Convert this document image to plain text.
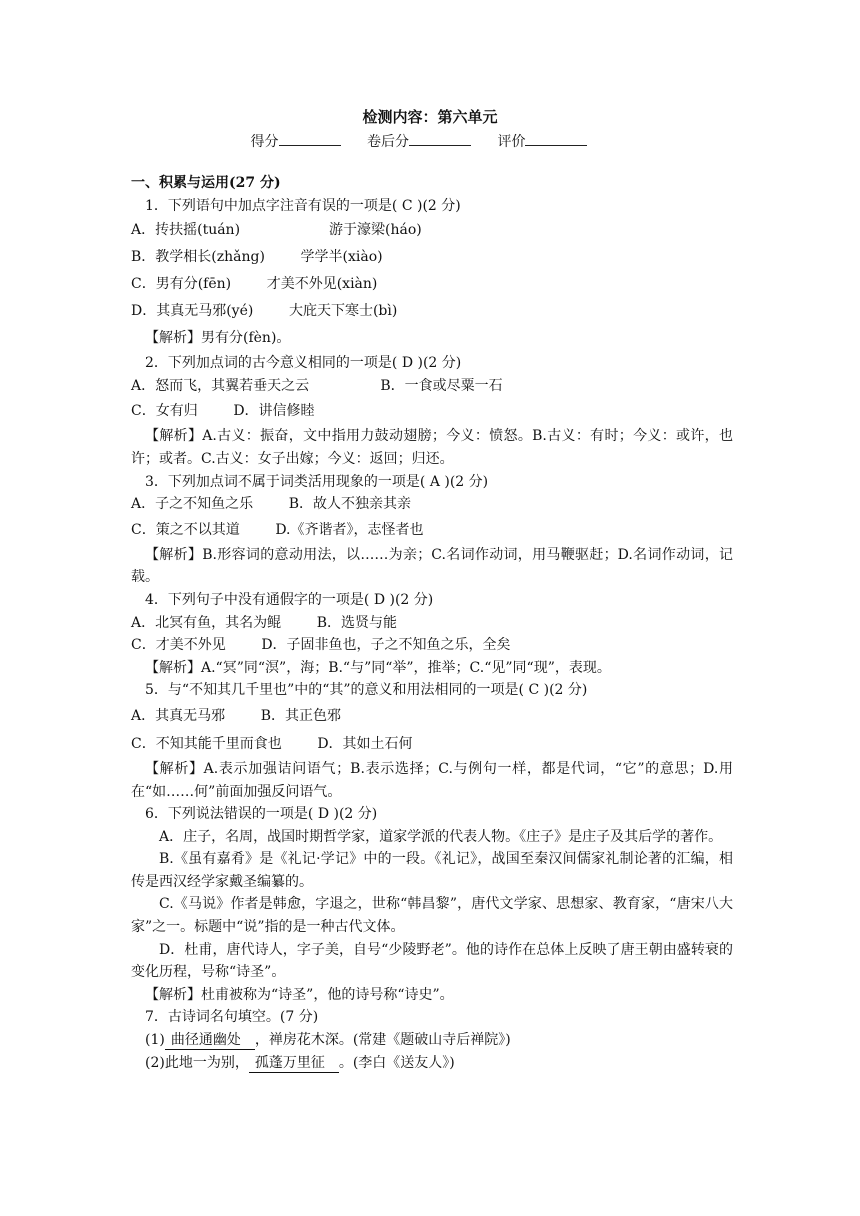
检测内容：第六单元
得分	卷后分	评价

一、积累与运用(27 分)

1．下列语句中加点字注音有误的一项是( C )(2 分)

A．抟扶摇(tuán)                    游于濠梁(háo)

B．教学相长(zhǎng)        学学半(xiào)

C．男有分(fēn)        才美不外见(xiàn)

D．其真无马邪(yé)        大庇天下寒士(bì)

【解析】男有分(fèn)。

2．下列加点词的古今意义相同的一项是( D )(2 分)

A．怒而飞，其翼若垂天之云                B．一食或尽粟一石

C．女有归        D．讲信修睦

【解析】A.古义：振奋，文中指用力鼓动翅膀；今义：愤怒。B.古义：有时；今义：或许，也许；或者。C.古义：女子出嫁；今义：返回；归还。

3．下列加点词不属于词类活用现象的一项是( A )(2 分)

A．子之不知鱼之乐        B．故人不独亲其亲

C．策之不以其道        D.《齐谐者》，志怪者也

【解析】B.形容词的意动用法，以……为亲；C.名词作动词，用马鞭驱赶；D.名词作动词，记载。

4．下列句子中没有通假字的一项是( D )(2 分)

A．北冥有鱼，其名为鲲        B．选贤与能

C．才美不外见        D．子固非鱼也，子之不知鱼之乐，全矣

【解析】A.“冥”同“溟”，海；B.“与”同“举”，推举；C.“见”同“现”，表现。

5．与“不知其几千里也”中的“其”的意义和用法相同的一项是( C )(2 分)

A．其真无马邪        B．其正色邪

C．不知其能千里而食也        D．其如土石何

【解析】A.表示加强诘问语气；B.表示选择；C.与例句一样，都是代词，“它”的意思；D.用在“如……何”前面加强反问语气。

6．下列说法错误的一项是( D )(2 分)

A．庄子，名周，战国时期哲学家，道家学派的代表人物。《庄子》是庄子及其后学的著作。

B.《虽有嘉肴》是《礼记·学记》中的一段。《礼记》，战国至秦汉间儒家礼制论著的汇编，相传是西汉经学家戴圣编纂的。

C.《马说》作者是韩愈，字退之，世称“韩昌黎”，唐代文学家、思想家、教育家，“唐宋八大家”之一。标题中“说”指的是一种古代文体。

D．杜甫，唐代诗人，字子美，自号“少陵野老”。他的诗作在总体上反映了唐王朝由盛转衰的变化历程，号称“诗圣”。

【解析】杜甫被称为“诗圣”，他的诗号称“诗史”。

7．古诗词名句填空。(7 分)

(1) 曲径通幽处 ，禅房花木深。(常建《题破山寺后禅院》)

(2)此地一为别， 孤蓬万里征 。(李白《送友人》)
